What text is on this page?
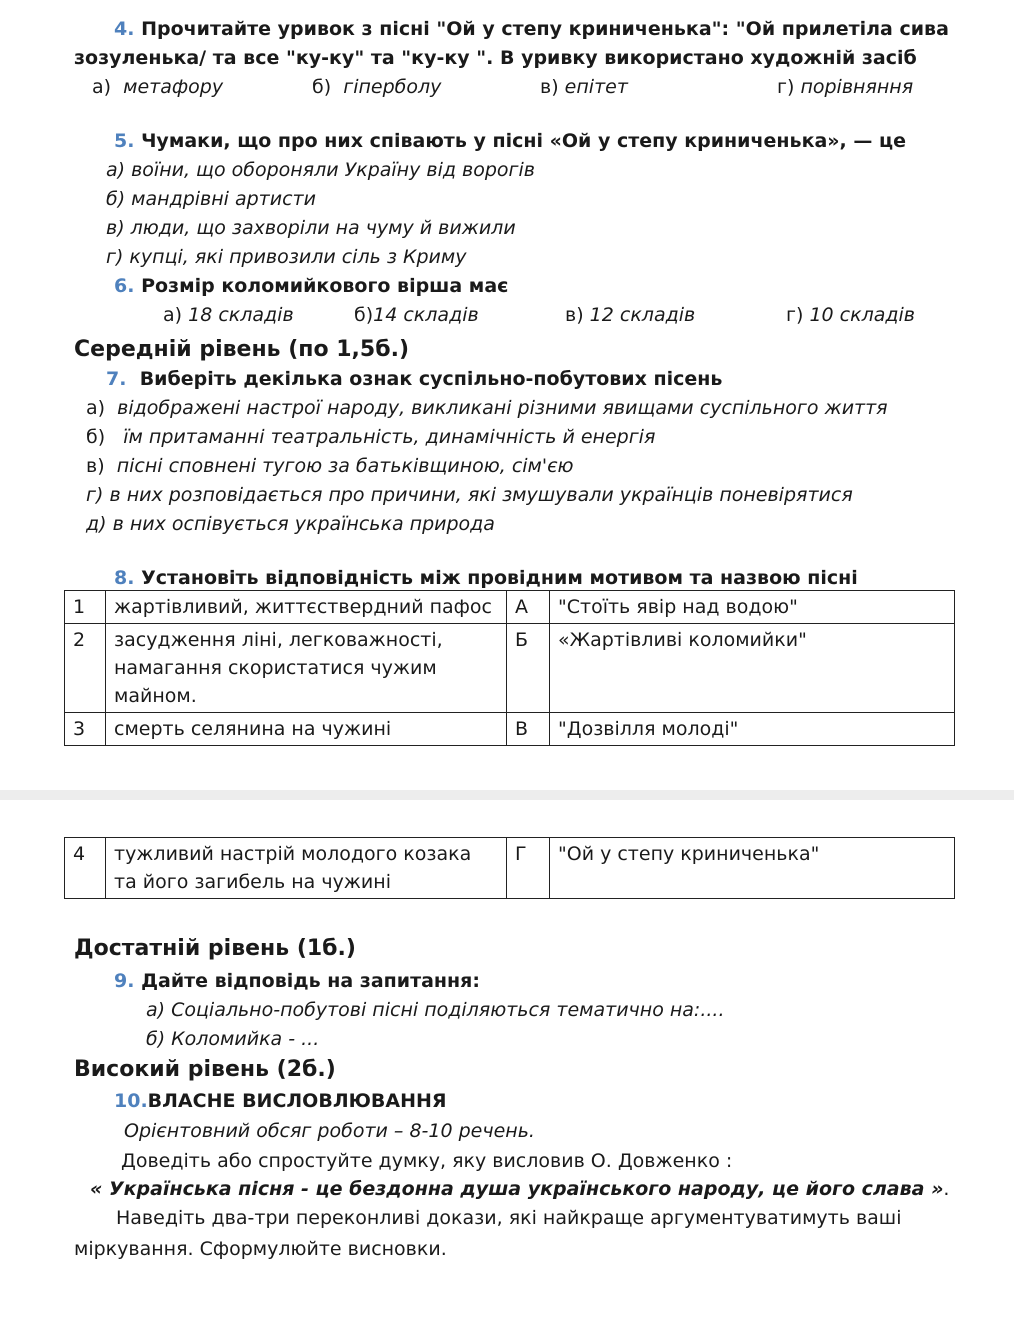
4. Прочитайте уривок з пісні "Ой у степу криниченька": "Ой прилетіла сива
зозуленька/ та все "ку-ку" та "ку-ку ". В уривку використано художній засіб
а) метафору	б) гіперболу	в) епітет	г) порівняння
5. Чумаки, що про них співають у пісні «Ой у степу криниченька», — це
а) воїни, що обороняли Україну від ворогів
б) мандрівні артисти
в) люди, що захворіли на чуму й вижили
г) купці, які привозили сіль з Криму
6. Розмір коломийкового вірша має
а) 18 складів	б)14 складів	в) 12 складів	г) 10 складів
Середній рівень (по 1,5б.)
7. Виберіть декілька ознак суспільно-побутових пісень
а) відображені настрої народу, викликані різними явищами суспільного життя
б) їм притаманні театральність, динамічність й енергія
в) пісні сповнені тугою за батьківщиною, сім'єю
г) в них розповідається про причини, які змушували українців поневірятися
д) в них оспівується українська природа
8. Установіть відповідність між провідним мотивом та назвою пісні
1	жартівливий, життєствердний пафос	А	"Стоїть явір над водою"
2	засудження ліні, легковажності, намагання скористатися чужим майном.	Б	«Жартівливі коломийки"
3	смерть селянина на чужині	В	"Дозвілля молоді"
4	тужливий настрій молодого козака та його загибель на чужині	Г	"Ой у степу криниченька"
Достатній рівень (1б.)
9. Дайте відповідь на запитання:
а) Соціально-побутові пісні поділяються тематично на:....
б) Коломийка - ...
Високий рівень (2б.)
10.ВЛАСНЕ ВИСЛОВЛЮВАННЯ
Орієнтовний обсяг роботи – 8-10 речень.
Доведіть або спростуйте думку, яку висловив О. Довженко :
« Українська пісня - це бездонна душа українського народу, це його слава ».
Наведіть два-три переконливі докази, які найкраще аргументуватимуть ваші
міркування. Сформулюйте висновки.
